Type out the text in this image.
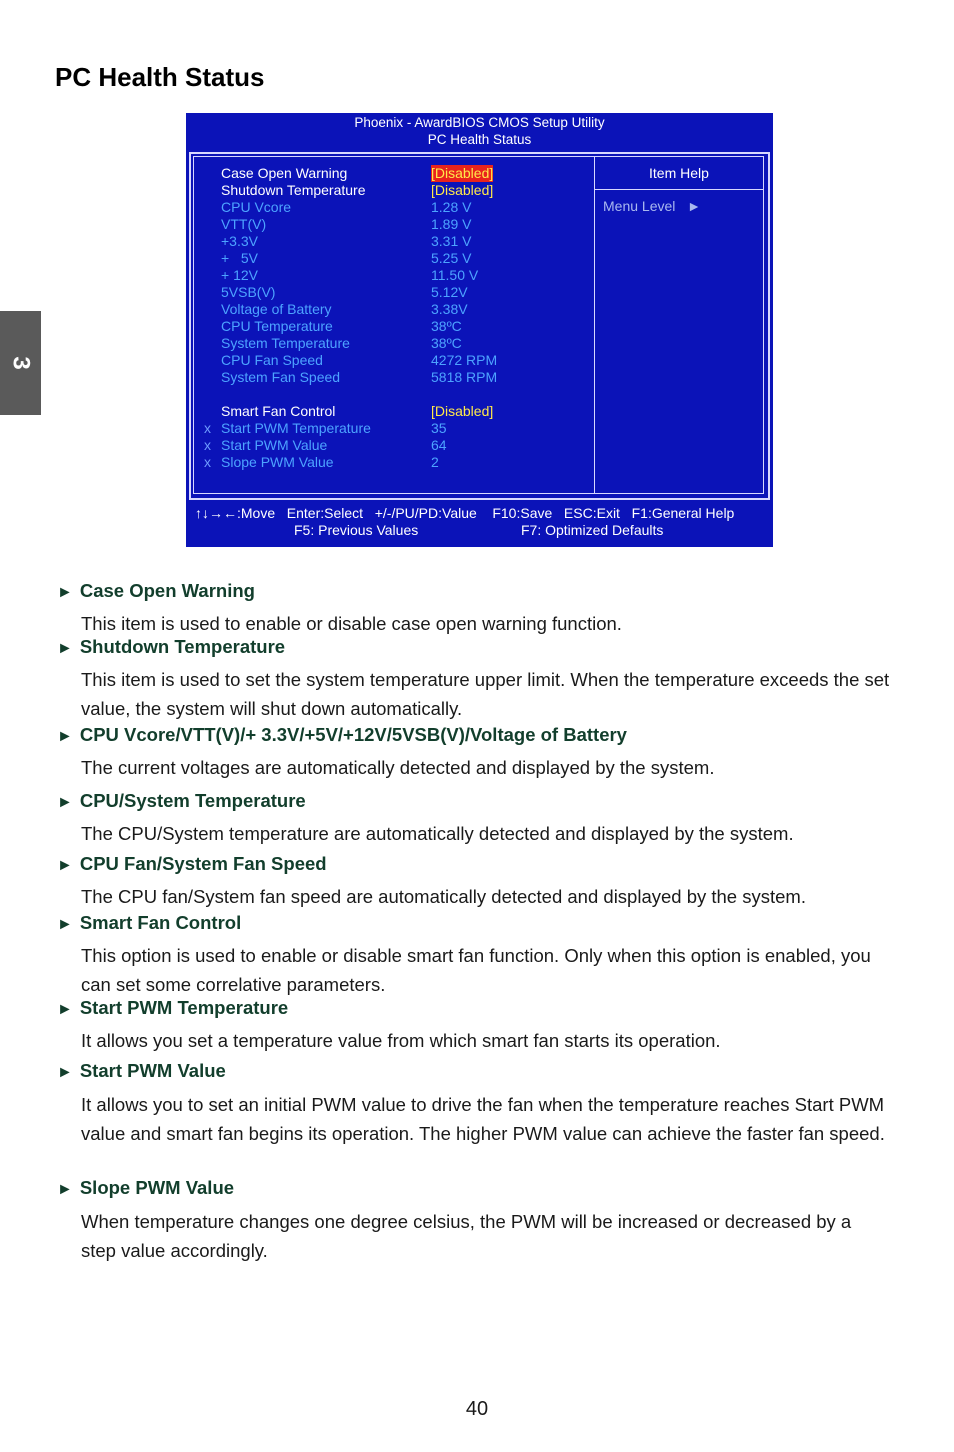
PC Health Status
3
Phoenix - AwardBIOS CMOS Setup Utility
PC Health Status
Case Open Warning	[Disabled]
Shutdown Temperature	[Disabled]
CPU Vcore	1.28 V
VTT(V)	1.89 V
+3.3V	3.31 V
+   5V	5.25 V
+ 12V	11.50 V
5VSB(V)	5.12V
Voltage of Battery	3.38V
CPU Temperature	38ºC
System Temperature	38ºC
CPU Fan Speed	4272 RPM
System Fan Speed	5818 RPM
Smart Fan Control	[Disabled]
x Start PWM Temperature	35
x Start PWM Value	64
x Slope PWM Value	2
Item Help
Menu Level ►
↑↓→←:Move   Enter:Select   +/-/PU/PD:Value    F10:Save   ESC:Exit   F1:General Help
F5: Previous Values	F7: Optimized Defaults
► Case Open Warning
This item is used to enable or disable case open warning function.
► Shutdown Temperature
This item is used to set the system temperature upper limit. When the temperature exceeds the set value, the system will shut down automatically.
► CPU Vcore/VTT(V)/+ 3.3V/+5V/+12V/5VSB(V)/Voltage of Battery
The current voltages are automatically detected and displayed by the system.
► CPU/System Temperature
The CPU/System temperature are automatically detected and displayed by the system.
► CPU Fan/System Fan Speed
The CPU fan/System fan speed are automatically detected and displayed by the system.
► Smart Fan Control
This option is used to enable or disable smart fan function. Only when this option is enabled, you can set some correlative parameters.
► Start PWM Temperature
It allows you set a temperature value from which smart fan starts its operation.
► Start PWM Value
It allows you to set an initial PWM value to drive the fan when the temperature reaches Start PWM value and smart fan begins its operation. The higher PWM value can achieve the faster fan speed.
► Slope PWM Value
When temperature changes one degree celsius, the PWM will be increased or decreased by a step value accordingly.
40
